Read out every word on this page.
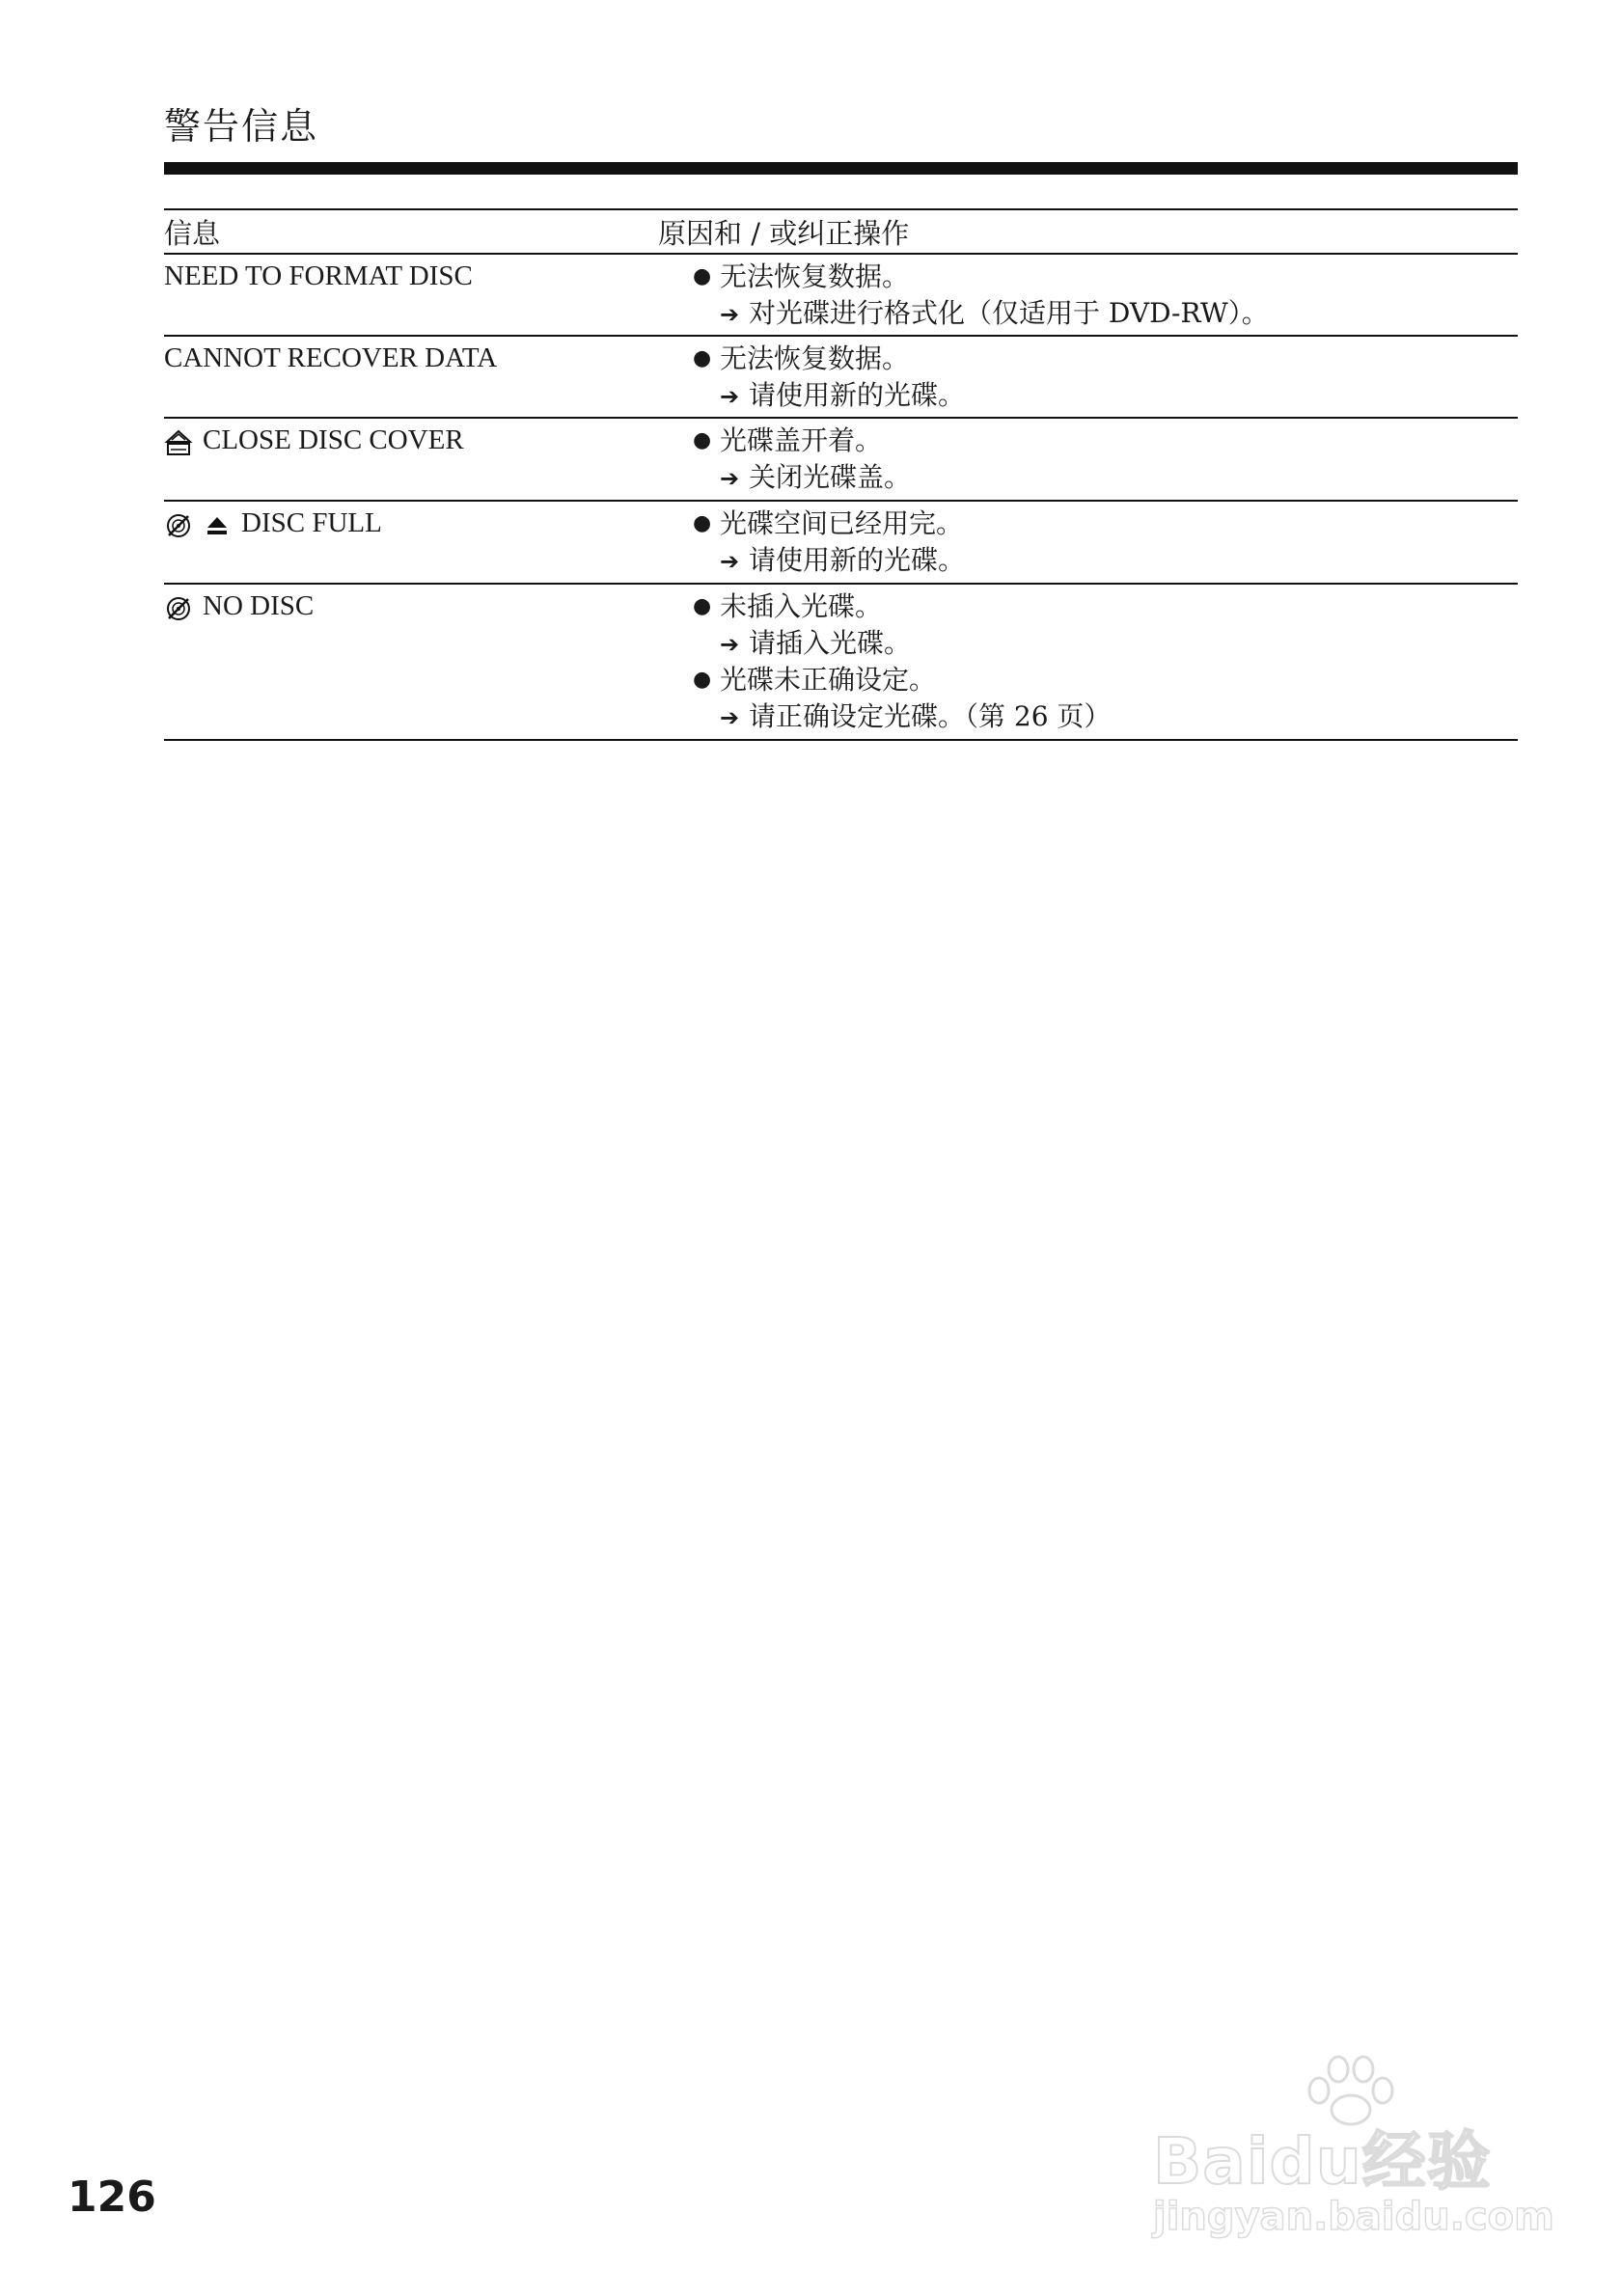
警告信息
信息	原因和 / 或纠正操作
NEED TO FORMAT DISC	● 无法恢复数据。
➔ 对光碟进行格式化（仅适用于 DVD-RW）。
CANNOT RECOVER DATA	● 无法恢复数据。
➔ 请使用新的光碟。
CLOSE DISC COVER	● 光碟盖开着。
➔ 关闭光碟盖。
DISC FULL	● 光碟空间已经用完。
➔ 请使用新的光碟。
NO DISC	● 未插入光碟。
➔ 请插入光碟。
● 光碟未正确设定。
➔ 请正确设定光碟。（第 26 页）
126	Baidu经验
jingyan.baidu.com
